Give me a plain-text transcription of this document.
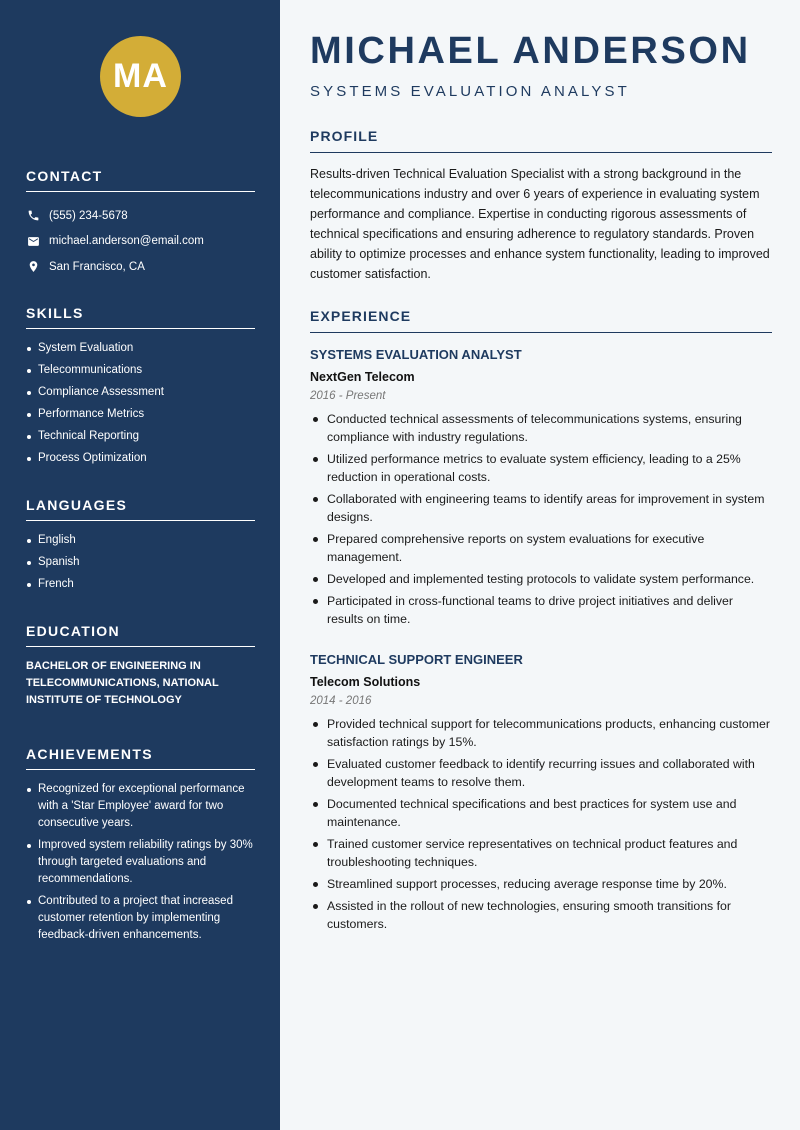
MA
CONTACT
(555) 234-5678
michael.anderson@email.com
San Francisco, CA
SKILLS
System Evaluation
Telecommunications
Compliance Assessment
Performance Metrics
Technical Reporting
Process Optimization
LANGUAGES
English
Spanish
French
EDUCATION
BACHELOR OF ENGINEERING IN TELECOMMUNICATIONS, NATIONAL INSTITUTE OF TECHNOLOGY
ACHIEVEMENTS
Recognized for exceptional performance with a 'Star Employee' award for two consecutive years.
Improved system reliability ratings by 30% through targeted evaluations and recommendations.
Contributed to a project that increased customer retention by implementing feedback-driven enhancements.
MICHAEL ANDERSON
SYSTEMS EVALUATION ANALYST
PROFILE

Results-driven Technical Evaluation Specialist with a strong background in the telecommunications industry and over 6 years of experience in evaluating system performance and compliance. Expertise in conducting rigorous assessments of technical specifications and ensuring adherence to regulatory standards. Proven ability to optimize processes and enhance system functionality, leading to improved customer satisfaction.

EXPERIENCE
SYSTEMS EVALUATION ANALYST
NextGen Telecom
2016 - Present
Conducted technical assessments of telecommunications systems, ensuring compliance with industry regulations.
Utilized performance metrics to evaluate system efficiency, leading to a 25% reduction in operational costs.
Collaborated with engineering teams to identify areas for improvement in system designs.
Prepared comprehensive reports on system evaluations for executive management.
Developed and implemented testing protocols to validate system performance.
Participated in cross-functional teams to drive project initiatives and deliver results on time.
TECHNICAL SUPPORT ENGINEER
Telecom Solutions
2014 - 2016
Provided technical support for telecommunications products, enhancing customer satisfaction ratings by 15%.
Evaluated customer feedback to identify recurring issues and collaborated with development teams to resolve them.
Documented technical specifications and best practices for system use and maintenance.
Trained customer service representatives on technical product features and troubleshooting techniques.
Streamlined support processes, reducing average response time by 20%.
Assisted in the rollout of new technologies, ensuring smooth transitions for customers.
